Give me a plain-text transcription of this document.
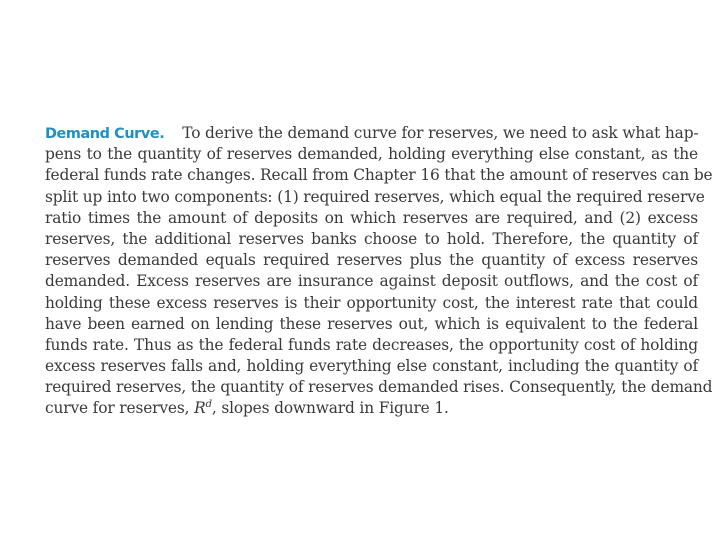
Demand Curve. To derive the demand curve for reserves, we need to ask what hap-
pens to the quantity of reserves demanded, holding everything else constant, as the
federal funds rate changes. Recall from Chapter 16 that the amount of reserves can be
split up into two components: (1) required reserves, which equal the required reserve
ratio times the amount of deposits on which reserves are required, and (2) excess
reserves, the additional reserves banks choose to hold. Therefore, the quantity of
reserves demanded equals required reserves plus the quantity of excess reserves
demanded. Excess reserves are insurance against deposit outflows, and the cost of
holding these excess reserves is their opportunity cost, the interest rate that could
have been earned on lending these reserves out, which is equivalent to the federal
funds rate. Thus as the federal funds rate decreases, the opportunity cost of holding
excess reserves falls and, holding everything else constant, including the quantity of
required reserves, the quantity of reserves demanded rises. Consequently, the demand
curve for reserves, $R^d$, slopes downward in Figure 1.
